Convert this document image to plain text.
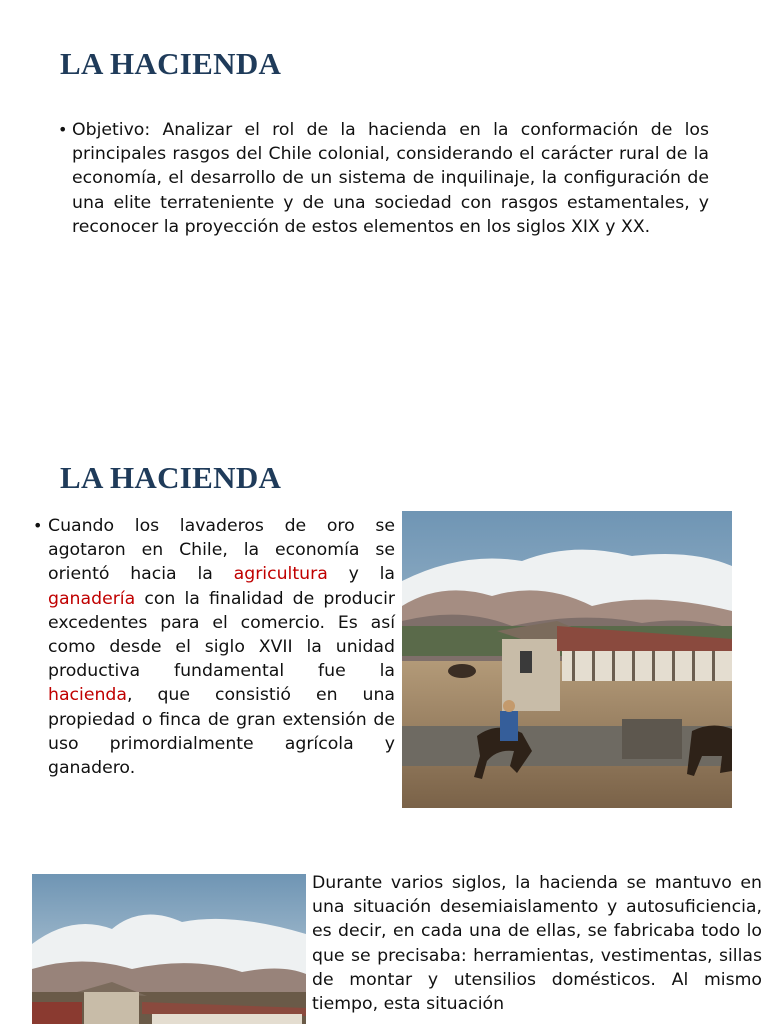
LA HACIENDA
• Objetivo: Analizar el rol de la hacienda en la conformación de los principales rasgos del Chile colonial, considerando el carácter rural de la economía, el desarrollo de un sistema de inquilinaje, la configuración de una elite terrateniente y de una sociedad con rasgos estamentales, y reconocer la proyección de estos elementos en los siglos XIX y XX.

LA HACIENDA
• Cuando los lavaderos de oro se agotaron en Chile, la economía se orientó hacia la agricultura y la ganadería con la finalidad de producir excedentes para el comercio. Es así como desde el siglo XVII la unidad productiva fundamental fue la hacienda, que consistió en una propiedad o finca de gran extensión de uso primordialmente agrícola y ganadero.

Durante varios siglos, la hacienda se mantuvo en una situación desemiaislamento y autosuficiencia, es decir, en cada una de ellas, se fabricaba todo lo que se precisaba: herramientas, vestimentas, sillas de montar y utensilios domésticos. Al mismo tiempo, esta situación
